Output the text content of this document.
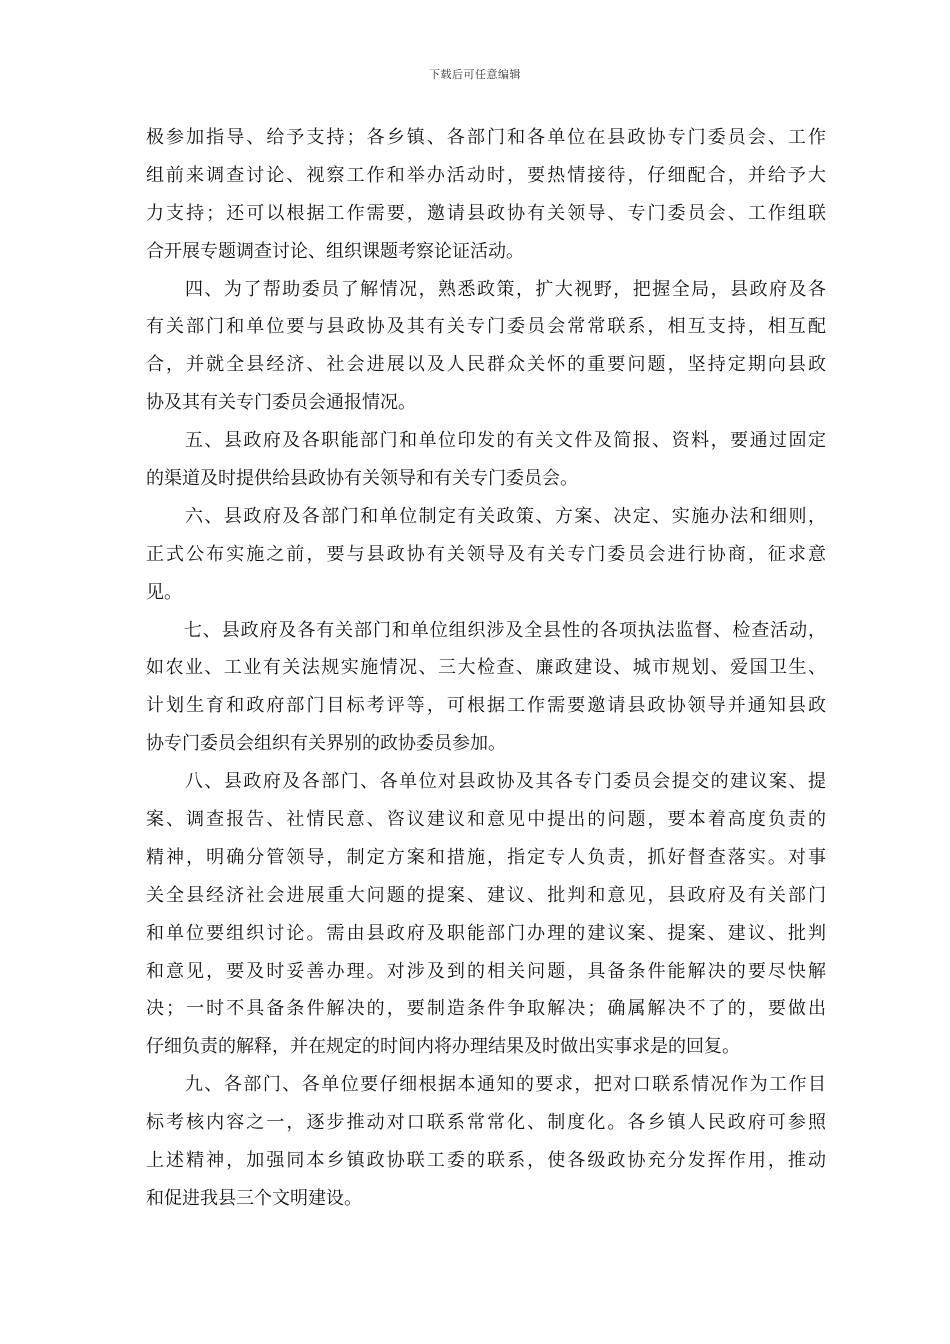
下载后可任意编辑
极参加指导、给予支持；各乡镇、各部门和各单位在县政协专门委员会、工作
组前来调查讨论、视察工作和举办活动时，要热情接待，仔细配合，并给予大
力支持；还可以根据工作需要，邀请县政协有关领导、专门委员会、工作组联
合开展专题调查讨论、组织课题考察论证活动。
　　四、为了帮助委员了解情况，熟悉政策，扩大视野，把握全局，县政府及各
有关部门和单位要与县政协及其有关专门委员会常常联系，相互支持，相互配
合，并就全县经济、社会进展以及人民群众关怀的重要问题，坚持定期向县政
协及其有关专门委员会通报情况。
　　五、县政府及各职能部门和单位印发的有关文件及简报、资料，要通过固定
的渠道及时提供给县政协有关领导和有关专门委员会。
　　六、县政府及各部门和单位制定有关政策、方案、决定、实施办法和细则，
正式公布实施之前，要与县政协有关领导及有关专门委员会进行协商，征求意
见。
　　七、县政府及各有关部门和单位组织涉及全县性的各项执法监督、检查活动，
如农业、工业有关法规实施情况、三大检查、廉政建设、城市规划、爱国卫生、
计划生育和政府部门目标考评等，可根据工作需要邀请县政协领导并通知县政
协专门委员会组织有关界别的政协委员参加。
　　八、县政府及各部门、各单位对县政协及其各专门委员会提交的建议案、提
案、调查报告、社情民意、咨议建议和意见中提出的问题，要本着高度负责的
精神，明确分管领导，制定方案和措施，指定专人负责，抓好督查落实。对事
关全县经济社会进展重大问题的提案、建议、批判和意见，县政府及有关部门
和单位要组织讨论。需由县政府及职能部门办理的建议案、提案、建议、批判
和意见，要及时妥善办理。对涉及到的相关问题，具备条件能解决的要尽快解
决；一时不具备条件解决的，要制造条件争取解决；确属解决不了的，要做出
仔细负责的解释，并在规定的时间内将办理结果及时做出实事求是的回复。
　　九、各部门、各单位要仔细根据本通知的要求，把对口联系情况作为工作目
标考核内容之一，逐步推动对口联系常常化、制度化。各乡镇人民政府可参照
上述精神，加强同本乡镇政协联工委的联系，使各级政协充分发挥作用，推动
和促进我县三个文明建设。
